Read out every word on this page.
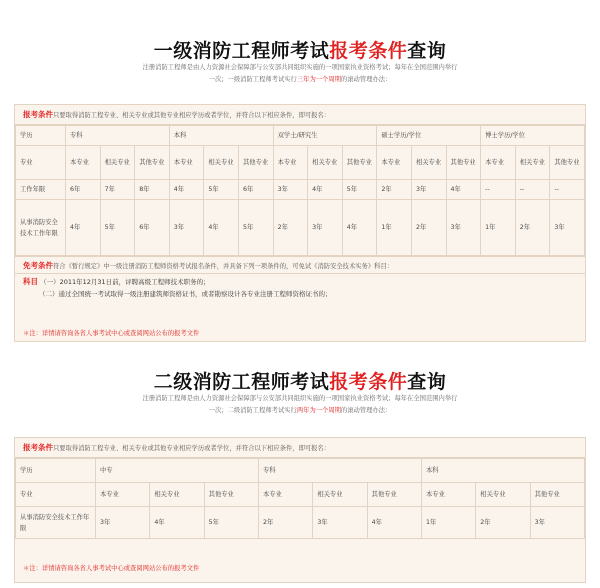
一级消防工程师考试报考条件查询
注册消防工程师是由人力资源社会保障部与公安部共同组织实施的一项国家执业资格考试；每年在全国范围内举行
一次；一级消防工程师考试实行三年为一个周期的滚动管理办法：
报考条件只要取得消防工程专业、相关专业或其他专业相应学历或者学位，并符合以下相应条件，即可报名：
学历	专科			本科			双学士/研究生			硕士学历/学位			博士学历/学位		
专业	本专业	相关专业	其他专业	本专业	相关专业	其他专业	本专业	相关专业	其他专业	本专业	相关专业	其他专业	本专业	相关专业	其他专业
工作年限	6年	7年	8年	4年	5年	6年	3年	4年	5年	2年	3年	4年	--	--	--
从事消防安全技术工作年限	4年	5年	6年	3年	4年	5年	2年	3年	4年	1年	2年	3年	1年	2年	3年
免考条件符合《暂行规定》中一级注册消防工程师资格考试报名条件，并具备下列一项条件的，可免试《消防安全技术实务》科目：
科目 （一）2011年12月31日前，评聘高级工程师技术职务的；
（二）通过全国统一考试取得一级注册建筑师资格证书，或者勘察设计各专业注册工程师资格证书的；
＊注：详情请咨询各省人事考试中心或查阅网站公布的报考文件
二级消防工程师考试报考条件查询
注册消防工程师是由人力资源社会保障部与公安部共同组织实施的一项国家执业资格考试；每年在全国范围内举行
一次；二级消防工程师考试实行两年为一个周期的滚动管理办法：
报考条件只要取得消防工程专业、相关专业或其他专业相应学历或者学位，并符合以下相应条件，即可报名：
学历	中专			专科			本科		
专业	本专业	相关专业	其他专业	本专业	相关专业	其他专业	本专业	相关专业	其他专业
从事消防安全技术工作年限	3年	4年	5年	2年	3年	4年	1年	2年	3年
＊注：详情请咨询各省人事考试中心或查阅网站公布的报考文件
